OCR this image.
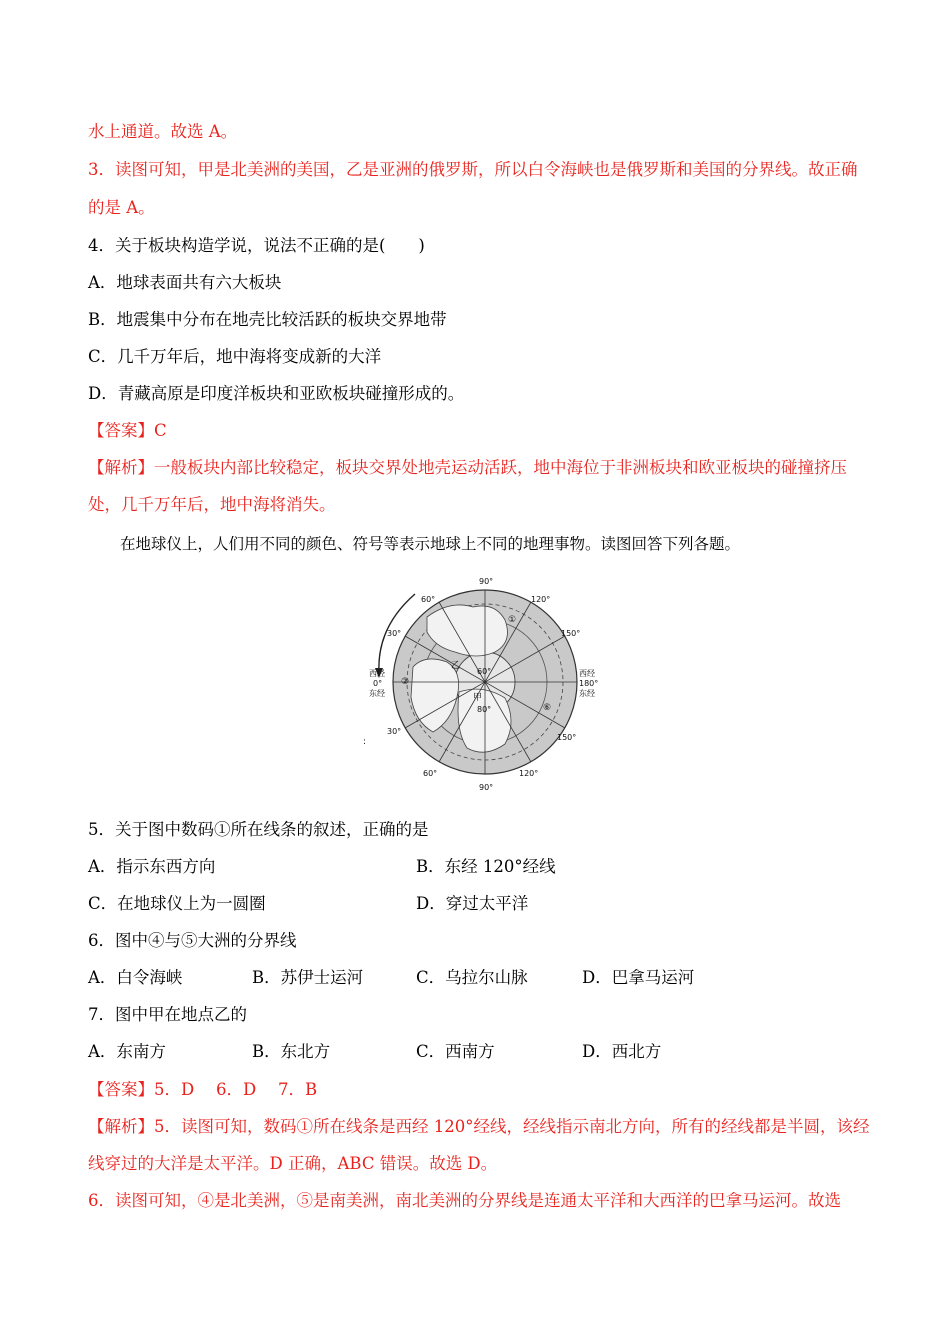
水上通道。故选 A。
3．读图可知，甲是北美洲的美国，乙是亚洲的俄罗斯，所以白令海峡也是俄罗斯和美国的分界线。故正确
的是 A。
4．关于板块构造学说，说法不正确的是(　　)
A．地球表面共有六大板块
B．地震集中分布在地壳比较活跃的板块交界地带
C．几千万年后，地中海将变成新的大洋
D．青藏高原是印度洋板块和亚欧板块碰撞形成的。
【答案】C
【解析】一般板块内部比较稳定，板块交界处地壳运动活跃，地中海位于非洲板块和欧亚板块的碰撞挤压
处，几千万年后，地中海将消失。
在地球仪上，人们用不同的颜色、符号等表示地球上不同的地理事物。读图回答下列各题。
90°
90°
60°	120°
30°	150°
西经
0°
东经
西经
180°
东经
30°
150°
60°	120°
60°
80°
①
②
⑥
乙
甲
:
5．关于图中数码①所在线条的叙述，正确的是
A．指示东西方向	B．东经 120°经线
C．在地球仪上为一圆圈	D．穿过太平洋
6．图中④与⑤大洲的分界线
A．白令海峡	B．苏伊士运河	C．乌拉尔山脉	D．巴拿马运河
7．图中甲在地点乙的
A．东南方	B．东北方	C．西南方	D．西北方
【答案】5．D　 6．D　 7．B
【解析】5．读图可知，数码①所在线条是西经 120°经线，经线指示南北方向，所有的经线都是半圆，该经
线穿过的大洋是太平洋。D 正确，ABC 错误。故选 D。
6．读图可知，④是北美洲，⑤是南美洲，南北美洲的分界线是连通太平洋和大西洋的巴拿马运河。故选
